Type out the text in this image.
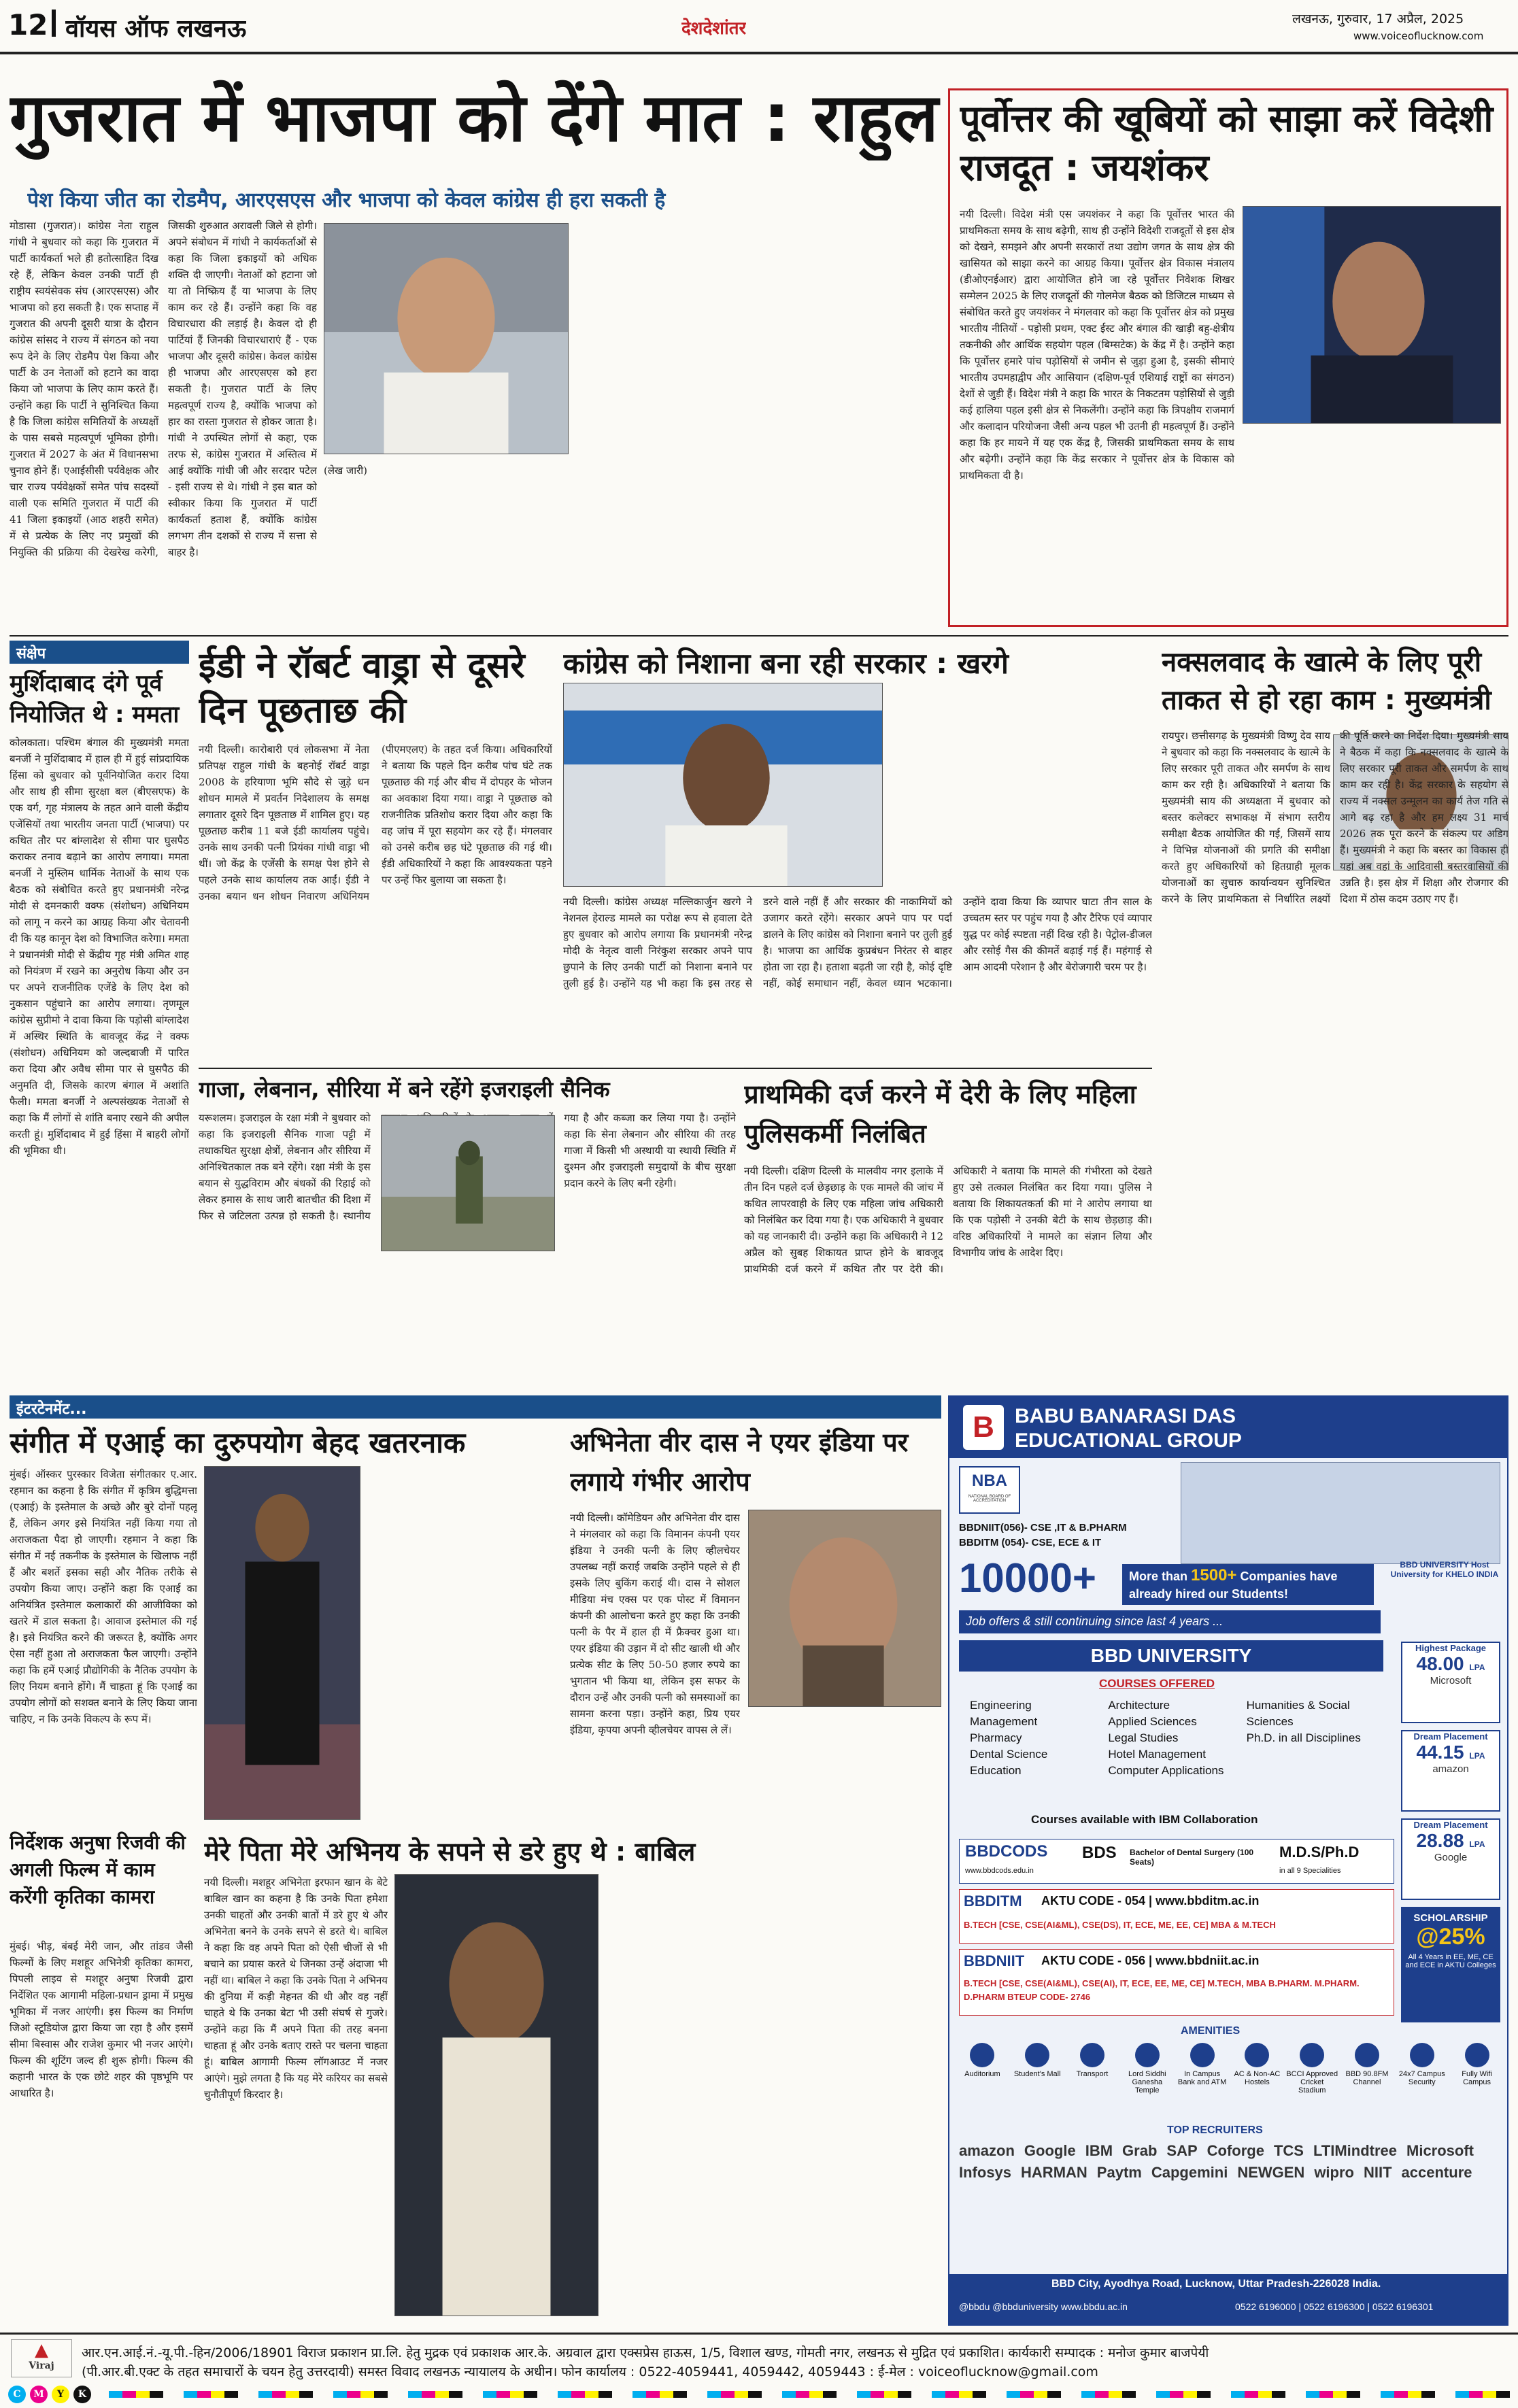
12 वॉयस ऑफ लखनऊ	देशदेशांतर	लखनऊ, गुरुवार, 17 अप्रैल, 2025
www.voiceoflucknow.com
गुजरात में भाजपा को देंगे मात : राहुल
पेश किया जीत का रोडमैप, आरएसएस और भाजपा को केवल कांग्रेस ही हरा सकती है
मोडासा (गुजरात)। कांग्रेस नेता राहुल गांधी ने बुधवार को कहा कि गुजरात में पार्टी कार्यकर्ता भले ही हतोत्साहित दिख रहे हैं, लेकिन केवल उनकी पार्टी ही राष्ट्रीय स्वयंसेवक संघ (आरएसएस) और भाजपा को हरा सकती है। एक सप्ताह में गुजरात की अपनी दूसरी यात्रा के दौरान कांग्रेस सांसद ने राज्य में संगठन को नया रूप देने के लिए रोडमैप पेश किया और पार्टी के उन नेताओं को हटाने का वादा किया जो भाजपा के लिए काम करते हैं। उन्होंने कहा कि पार्टी ने सुनिश्चित किया है कि जिला कांग्रेस समितियों के अध्यक्षों के पास सबसे महत्वपूर्ण भूमिका होगी। गुजरात में 2027 के अंत में विधानसभा चुनाव होने हैं। एआईसीसी पर्यवेक्षक और चार राज्य पर्यवेक्षकों समेत पांच सदस्यों वाली एक समिति गुजरात में पार्टी की 41 जिला इकाइयों (आठ शहरी समेत) में से प्रत्येक के लिए नए प्रमुखों की नियुक्ति की प्रक्रिया की देखरेख करेगी, जिसकी शुरुआत अरावली जिले से होगी। अपने संबोधन में गांधी ने कार्यकर्ताओं से कहा कि जिला इकाइयों को अधिक शक्ति दी जाएगी। नेताओं को हटाना जो या तो निष्क्रिय हैं या भाजपा के लिए काम कर रहे हैं। उन्होंने कहा कि वह विचारधारा की लड़ाई है। केवल दो ही पार्टियां हैं जिनकी विचारधाराएं हैं - एक भाजपा और दूसरी कांग्रेस। केवल कांग्रेस ही भाजपा और आरएसएस को हरा सकती है। गुजरात पार्टी के लिए महत्वपूर्ण राज्य है, क्योंकि भाजपा को हार का रास्ता गुजरात से होकर जाता है। गांधी ने उपस्थित लोगों से कहा, एक तरफ से, कांग्रेस गुजरात में अस्तित्व में आई क्योंकि गांधी जी और सरदार पटेल - इसी राज्य से थे। गांधी ने इस बात को स्वीकार किया कि गुजरात में पार्टी कार्यकर्ता हताश हैं, क्योंकि कांग्रेस लगभग तीन दशकों से राज्य में सत्ता से बाहर है।
(लेख जारी)
पूर्वोत्तर की खूबियों को साझा करें विदेशी राजदूत : जयशंकर
नयी दिल्ली। विदेश मंत्री एस जयशंकर ने कहा कि पूर्वोत्तर भारत की प्राथमिकता समय के साथ बढ़ेगी, साथ ही उन्होंने विदेशी राजदूतों से इस क्षेत्र को देखने, समझने और अपनी सरकारों तथा उद्योग जगत के साथ क्षेत्र की खासियत को साझा करने का आग्रह किया। पूर्वोत्तर क्षेत्र विकास मंत्रालय (डीओएनईआर) द्वारा आयोजित होने जा रहे पूर्वोत्तर निवेशक शिखर सम्मेलन 2025 के लिए राजदूतों की गोलमेज बैठक को डिजिटल माध्यम से संबोधित करते हुए जयशंकर ने मंगलवार को कहा कि पूर्वोत्तर क्षेत्र को प्रमुख भारतीय नीतियों - पड़ोसी प्रथम, एक्ट ईस्ट और बंगाल की खाड़ी बहु-क्षेत्रीय तकनीकी और आर्थिक सहयोग पहल (बिम्सटेक) के केंद्र में है। उन्होंने कहा कि पूर्वोत्तर हमारे पांच पड़ोसियों से जमीन से जुड़ा हुआ है, इसकी सीमाएं भारतीय उपमहाद्वीप और आसियान (दक्षिण-पूर्व एशियाई राष्ट्रों का संगठन) देशों से जुड़ी हैं। विदेश मंत्री ने कहा कि भारत के निकटतम पड़ोसियों से जुड़ी कई हालिया पहल इसी क्षेत्र से निकलेंगी। उन्होंने कहा कि त्रिपक्षीय राजमार्ग और कलादान परियोजना जैसी अन्य पहल भी उतनी ही महत्वपूर्ण हैं। उन्होंने कहा कि हर मायने में यह एक केंद्र है, जिसकी प्राथमिकता समय के साथ और बढ़ेगी। उन्होंने कहा कि केंद्र सरकार ने पूर्वोत्तर क्षेत्र के विकास को प्राथमिकता दी है।
संक्षेप
मुर्शिदाबाद दंगे पूर्व नियोजित थे : ममता
कोलकाता। पश्चिम बंगाल की मुख्यमंत्री ममता बनर्जी ने मुर्शिदाबाद में हाल ही में हुई सांप्रदायिक हिंसा को बुधवार को पूर्वनियोजित करार दिया और साथ ही सीमा सुरक्षा बल (बीएसएफ) के एक वर्ग, गृह मंत्रालय के तहत आने वाली केंद्रीय एजेंसियों तथा भारतीय जनता पार्टी (भाजपा) पर कथित तौर पर बांग्लादेश से सीमा पार घुसपैठ कराकर तनाव बढ़ाने का आरोप लगाया। ममता बनर्जी ने मुस्लिम धार्मिक नेताओं के साथ एक बैठक को संबोधित करते हुए प्रधानमंत्री नरेन्द्र मोदी से दमनकारी वक्फ (संशोधन) अधिनियम को लागू न करने का आग्रह किया और चेतावनी दी कि यह कानून देश को विभाजित करेगा। ममता ने प्रधानमंत्री मोदी से केंद्रीय गृह मंत्री अमित शाह को नियंत्रण में रखने का अनुरोध किया और उन पर अपने राजनीतिक एजेंडे के लिए देश को नुकसान पहुंचाने का आरोप लगाया। तृणमूल कांग्रेस सुप्रीमो ने दावा किया कि पड़ोसी बांग्लादेश में अस्थिर स्थिति के बावजूद केंद्र ने वक्फ (संशोधन) अधिनियम को जल्दबाजी में पारित करा दिया और अवैध सीमा पार से घुसपैठ की अनुमति दी, जिसके कारण बंगाल में अशांति फैली। ममता बनर्जी ने अल्पसंख्यक नेताओं से कहा कि मैं लोगों से शांति बनाए रखने की अपील करती हूं। मुर्शिदाबाद में हुई हिंसा में बाहरी लोगों की भूमिका थी।
ईडी ने रॉबर्ट वाड्रा से दूसरे दिन पूछताछ की
नयी दिल्ली। कारोबारी एवं लोकसभा में नेता प्रतिपक्ष राहुल गांधी के बहनोई रॉबर्ट वाड्रा 2008 के हरियाणा भूमि सौदे से जुड़े धन शोधन मामले में प्रवर्तन निदेशालय के समक्ष लगातार दूसरे दिन पूछताछ में शामिल हुए। यह पूछताछ करीब 11 बजे ईडी कार्यालय पहुंचे। उनके साथ उनकी पत्नी प्रियंका गांधी वाड्रा भी थीं। जो केंद्र के एजेंसी के समक्ष पेश होने से पहले उनके साथ कार्यालय तक आईं। ईडी ने उनका बयान धन शोधन निवारण अधिनियम (पीएमएलए) के तहत दर्ज किया। अधिकारियों ने बताया कि पहले दिन करीब पांच घंटे तक पूछताछ की गई और बीच में दोपहर के भोजन का अवकाश दिया गया। वाड्रा ने पूछताछ को राजनीतिक प्रतिशोध करार दिया और कहा कि वह जांच में पूरा सहयोग कर रहे हैं। मंगलवार को उनसे करीब छह घंटे पूछताछ की गई थी। ईडी अधिकारियों ने कहा कि आवश्यकता पड़ने पर उन्हें फिर बुलाया जा सकता है।
कांग्रेस को निशाना बना रही सरकार : खरगे
नयी दिल्ली। कांग्रेस अध्यक्ष मल्लिकार्जुन खरगे ने नेशनल हेराल्ड मामले का परोक्ष रूप से हवाला देते हुए बुधवार को आरोप लगाया कि प्रधानमंत्री नरेन्द्र मोदी के नेतृत्व वाली निरंकुश सरकार अपने पाप छुपाने के लिए उनकी पार्टी को निशाना बनाने पर तुली हुई है। उन्होंने यह भी कहा कि इस तरह से डरने वाले नहीं हैं और सरकार की नाकामियों को उजागर करते रहेंगे। सरकार अपने पाप पर पर्दा डालने के लिए कांग्रेस को निशाना बनाने पर तुली हुई है। भाजपा का आर्थिक कुप्रबंधन निरंतर से बाहर होता जा रहा है। हताशा बढ़ती जा रही है, कोई दृष्टि नहीं, कोई समाधान नहीं, केवल ध्यान भटकाना। उन्होंने दावा किया कि व्यापार घाटा तीन साल के उच्चतम स्तर पर पहुंच गया है और टैरिफ एवं व्यापार युद्ध पर कोई स्पष्टता नहीं दिख रही है। पेट्रोल-डीजल और रसोई गैस की कीमतें बढ़ाई गई हैं। महंगाई से आम आदमी परेशान है और बेरोजगारी चरम पर है।
नक्सलवाद के खात्मे के लिए पूरी ताकत से हो रहा काम : मुख्यमंत्री
रायपुर। छत्तीसगढ़ के मुख्यमंत्री विष्णु देव साय ने बुधवार को कहा कि नक्सलवाद के खात्मे के लिए सरकार पूरी ताकत और समर्पण के साथ काम कर रही है। अधिकारियों ने बताया कि मुख्यमंत्री साय की अध्यक्षता में बुधवार को बस्तर कलेक्टर सभाकक्ष में संभाग स्तरीय समीक्षा बैठक आयोजित की गई, जिसमें साय ने विभिन्न योजनाओं की प्रगति की समीक्षा करते हुए अधिकारियों को हितग्राही मूलक योजनाओं का सुचारु कार्यान्वयन सुनिश्चित करने के लिए प्राथमिकता से निर्धारित लक्ष्यों की पूर्ति करने का निर्देश दिया। मुख्यमंत्री साय ने बैठक में कहा कि नक्सलवाद के खात्मे के लिए सरकार पूरी ताकत और समर्पण के साथ काम कर रही है। केंद्र सरकार के सहयोग से राज्य में नक्सल उन्मूलन का कार्य तेज गति से आगे बढ़ रहा है और हम लक्ष्य 31 मार्च 2026 तक पूरा करने के संकल्प पर अडिग हैं। मुख्यमंत्री ने कहा कि बस्तर का विकास ही यहां अब वहां के आदिवासी बस्तरवासियों की उन्नति है। इस क्षेत्र में शिक्षा और रोजगार की दिशा में ठोस कदम उठाए गए हैं।
गाजा, लेबनान, सीरिया में बने रहेंगे इजराइली सैनिक
यरूशलम। इजराइल के रक्षा मंत्री ने बुधवार को कहा कि इजराइली सैनिक गाजा पट्टी में तथाकथित सुरक्षा क्षेत्रों, लेबनान और सीरिया में अनिश्चितकाल तक बने रहेंगे। रक्षा मंत्री के इस बयान से युद्धविराम और बंधकों की रिहाई को लेकर हमास के साथ जारी बातचीत की दिशा में फिर से जटिलता उत्पन्न हो सकती है। स्थानीय गया है और कब्जा कर लिया गया है। उन्होंने कहा कि सेना लेबनान और सीरिया की तरह गाजा में किसी भी अस्थायी या स्थायी स्थिति में दुश्मन और इजराइली समुदायों के बीच सुरक्षा प्रदान करने के लिए बनी रहेगी।
प्राथमिकी दर्ज करने में देरी के लिए महिला पुलिसकर्मी निलंबित
नयी दिल्ली। दक्षिण दिल्ली के मालवीय नगर इलाके में तीन दिन पहले दर्ज छेड़छाड़ के एक मामले की जांच में कथित लापरवाही के लिए एक महिला जांच अधिकारी को निलंबित कर दिया गया है। एक अधिकारी ने बुधवार को यह जानकारी दी। उन्होंने कहा कि अधिकारी ने 12 अप्रैल को सुबह शिकायत प्राप्त होने के बावजूद प्राथमिकी दर्ज करने में कथित तौर पर देरी की। अधिकारी ने बताया कि मामले की गंभीरता को देखते हुए उसे तत्काल निलंबित कर दिया गया। पुलिस ने बताया कि शिकायतकर्ता की मां ने आरोप लगाया था कि एक पड़ोसी ने उनकी बेटी के साथ छेड़छाड़ की। वरिष्ठ अधिकारियों ने मामले का संज्ञान लिया और विभागीय जांच के आदेश दिए।
इंटरटेनमेंट...
संगीत में एआई का दुरुपयोग बेहद खतरनाक
मुंबई। ऑस्कर पुरस्कार विजेता संगीतकार ए.आर. रहमान का कहना है कि संगीत में कृत्रिम बुद्धिमत्ता (एआई) के इस्तेमाल के अच्छे और बुरे दोनों पहलू हैं, लेकिन अगर इसे नियंत्रित नहीं किया गया तो अराजकता पैदा हो जाएगी। रहमान ने कहा कि संगीत में नई तकनीक के इस्तेमाल के खिलाफ नहीं हैं और बशर्ते इसका सही और नैतिक तरीके से उपयोग किया जाए। उन्होंने कहा कि एआई का अनियंत्रित इस्तेमाल कलाकारों की आजीविका को खतरे में डाल सकता है। आवाज इस्तेमाल की गई है। इसे नियंत्रित करने की जरूरत है, क्योंकि अगर ऐसा नहीं हुआ तो अराजकता फैल जाएगी। उन्होंने कहा कि हमें एआई प्रौद्योगिकी के नैतिक उपयोग के लिए नियम बनाने होंगे। मैं चाहता हूं कि एआई का उपयोग लोगों को सशक्त बनाने के लिए किया जाना चाहिए, न कि उनके विकल्प के रूप में।
अभिनेता वीर दास ने एयर इंडिया पर लगाये गंभीर आरोप
नयी दिल्ली। कॉमेडियन और अभिनेता वीर दास ने मंगलवार को कहा कि विमानन कंपनी एयर इंडिया ने उनकी पत्नी के लिए व्हीलचेयर उपलब्ध नहीं कराई जबकि उन्होंने पहले से ही इसके लिए बुकिंग कराई थी। दास ने सोशल मीडिया मंच एक्स पर एक पोस्ट में विमानन कंपनी की आलोचना करते हुए कहा कि उनकी पत्नी के पैर में हाल ही में फ्रैक्चर हुआ था। एयर इंडिया की उड़ान में दो सीट खाली थी और प्रत्येक सीट के लिए 50-50 हजार रुपये का भुगतान भी किया था, लेकिन इस सफर के दौरान उन्हें और उनकी पत्नी को समस्याओं का सामना करना पड़ा। उन्होंने कहा, प्रिय एयर इंडिया, कृपया अपनी व्हीलचेयर वापस ले लें।
निर्देशक अनुषा रिजवी की अगली फिल्म में काम करेंगी कृतिका कामरा
मुंबई। भीड़, बंबई मेरी जान, और तांडव जैसी फिल्मों के लिए मशहूर अभिनेत्री कृतिका कामरा, पिपली लाइव से मशहूर अनुषा रिजवी द्वारा निर्देशित एक आगामी महिला-प्रधान ड्रामा में प्रमुख भूमिका में नजर आएंगी। इस फिल्म का निर्माण जिओ स्टूडियोज द्वारा किया जा रहा है और इसमें सीमा बिस्वास और राजेश कुमार भी नजर आएंगे। फिल्म की शूटिंग जल्द ही शुरू होगी। फिल्म की कहानी भारत के एक छोटे शहर की पृष्ठभूमि पर आधारित है।
मेरे पिता मेरे अभिनय के सपने से डरे हुए थे : बाबिल
नयी दिल्ली। मशहूर अभिनेता इरफान खान के बेटे बाबिल खान का कहना है कि उनके पिता हमेशा उनकी चाहतों और उनकी बातों में डरे हुए थे और अभिनेता बनने के उनके सपने से डरते थे। बाबिल ने कहा कि वह अपने पिता को ऐसी चीजों से भी बचाने का प्रयास करते थे जिनका उन्हें अंदाजा भी नहीं था। बाबिल ने कहा कि उनके पिता ने अभिनय की दुनिया में कड़ी मेहनत की थी और वह नहीं चाहते थे कि उनका बेटा भी उसी संघर्ष से गुजरे। उन्होंने कहा कि मैं अपने पिता की तरह बनना चाहता हूं और उनके बताए रास्ते पर चलना चाहता हूं। बाबिल आगामी फिल्म लॉगआउट में नजर आएंगे। मुझे लगता है कि यह मेरे करियर का सबसे चुनौतीपूर्ण किरदार है।
B	BABU BANARASI DAS
EDUCATIONAL GROUP
NBA
NATIONAL BOARD OF ACCREDITATION
BBDNIIT(056)- CSE ,IT & B.PHARM
BBDITM (054)- CSE, ECE & IT
10000+	More than 1500+ Companies have already hired our Students!
BBD UNIVERSITY Host University for KHELO INDIA
Job offers & still continuing since last 4 years ...
BBD UNIVERSITY
COURSES OFFERED
Engineering
Management
Pharmacy
Dental Science
Education
Architecture
Applied Sciences
Legal Studies
Hotel Management
Computer Applications
Humanities & Social Sciences
Ph.D. in all Disciplines
Courses available with IBM Collaboration
Highest Package
48.00 LPA
Microsoft
Dream Placement
44.15 LPA
amazon
Dream Placement
28.88 LPA
Google
BBDCODS
www.bbdcods.edu.in
BDS Bachelor of Dental Surgery (100 Seats)
M.D.S/Ph.D
in all 9 Specialities
BBDITM AKTU CODE - 054 | www.bbditm.ac.in
B.TECH [CSE, CSE(AI&ML), CSE(DS), IT, ECE, ME, EE, CE] MBA & M.TECH
BBDNIIT AKTU CODE - 056 | www.bbdniit.ac.in
B.TECH [CSE, CSE(AI&ML), CSE(AI), IT, ECE, EE, ME, CE] M.TECH, MBA B.PHARM. M.PHARM. D.PHARM BTEUP CODE- 2746
SCHOLARSHIP
@25%
All 4 Years in EE, ME, CE and ECE in AKTU Colleges
AMENITIES
Auditorium	Student's Mall	Transport	Lord Siddhi Ganesha Temple
In Campus Bank and ATM
AC & Non-AC Hostels
BCCI Approved Cricket Stadium
BBD 90.8FM Channel
24x7 Campus Security
Fully Wifi Campus
TOP RECRUITERS
amazon Google IBM Grab SAP Coforge TCS LTIMindtree Microsoft
Infosys HARMAN Paytm Capgemini NEWGEN wipro NIIT accenture
BBD City, Ayodhya Road, Lucknow, Uttar Pradesh-226028 India.
@bbdu @bbduniversity www.bbdu.ac.in	0522 6196000 | 0522 6196300 | 0522 6196301
▲
Viraj
आर.एन.आई.नं.-यू.पी.-हिन/2006/18901 विराज प्रकाशन प्रा.लि. हेतु मुद्रक एवं प्रकाशक आर.के. अग्रवाल द्वारा एक्सप्रेस हाऊस, 1/5, विशाल खण्ड, गोमती नगर, लखनऊ से मुद्रित एवं प्रकाशित। कार्यकारी सम्पादक : मनोज कुमार बाजपेयी
(पी.आर.बी.एक्ट के तहत समाचारों के चयन हेतु उत्तरदायी) समस्त विवाद लखनऊ न्यायालय के अधीन। फोन कार्यालय : 0522-4059441, 4059442, 4059443 : ई-मेल : voiceoflucknow@gmail.com
C	M	Y	K
